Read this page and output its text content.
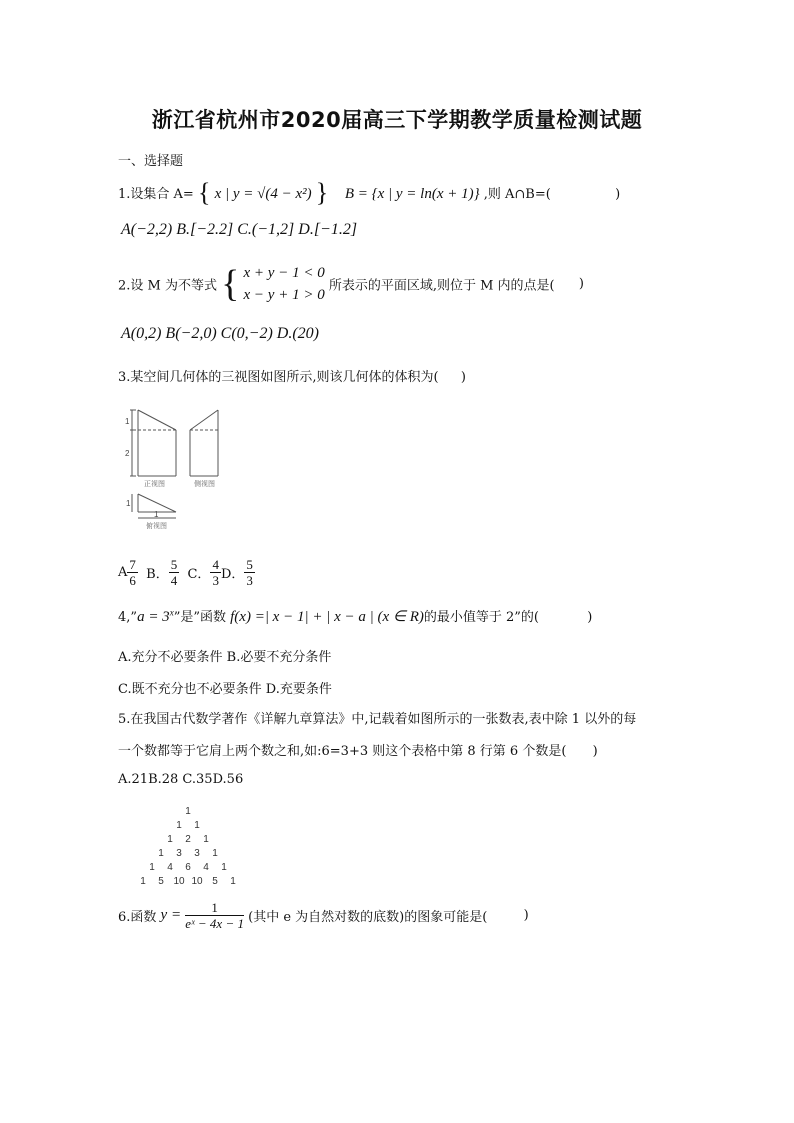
浙江省杭州市2020届高三下学期教学质量检测试题
一、选择题
1.设集合 A= { x | y = √(4 − x²) } B = {x | y = ln(x + 1)} ,则 A∩B=(	)
A(−2,2) B.[−2.2] C.(−1,2] D.[−1.2]
2.设 M 为不等式 { x + y − 1 < 0
x − y + 1 > 0
所表示的平面区域,则位于 M 内的点是( )
A(0,2) B(−2,0) C(0,−2) D.(20)
3.某空间几何体的三视图如图所示,则该几何体的体积为( )
1
2
正视图	侧视图
1
1
俯视图
A $\frac{7}{6}$ B． $\frac{5}{4}$ C． $\frac{4}{3}$ D． $\frac{5}{3}$
4,”a = $3^x$”是”函数 f(x) =| x − 1| + | x − a | (x ∈ R)的最小值等于 2”的(	)
A.充分不必要条件 B.必要不充分条件
C.既不充分也不必要条件 D.充要条件
5.在我国古代数学著作《详解九章算法》中,记载着如图所示的一张数表,表中除 1 以外的每
一个数都等于它肩上两个数之和,如:6=3+3 则这个表格中第 8 行第 6 个数是( )
A.21B.28 C.35D.56
1
1 1
1 2 1
1 3 3 1
1 4 6 4 1
1 5 10 10 5 1
6.函数 $y = \frac{1}{\text{eˣ − 4x − 1}}$ (其中 e 为自然对数的底数)的图象可能是(	)
